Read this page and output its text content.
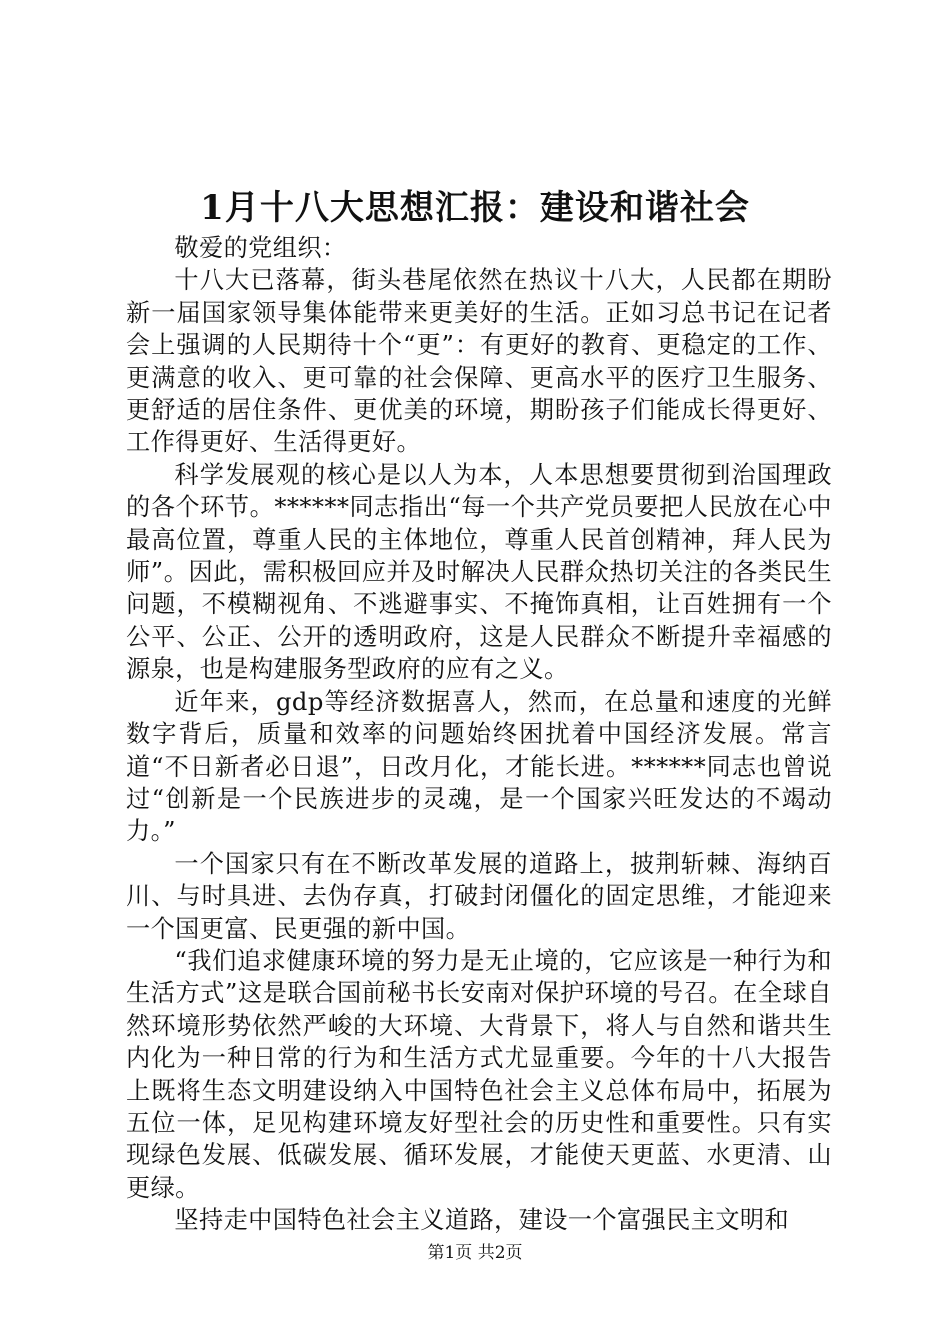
1月十八大思想汇报：建设和谐社会

敬爱的党组织：

十八大已落幕，街头巷尾依然在热议十八大，人民都在期盼新一届国家领导集体能带来更美好的生活。正如习总书记在记者会上强调的人民期待十个“更”：有更好的教育、更稳定的工作、更满意的收入、更可靠的社会保障、更高水平的医疗卫生服务、更舒适的居住条件、更优美的环境，期盼孩子们能成长得更好、工作得更好、生活得更好。

科学发展观的核心是以人为本，人本思想要贯彻到治国理政的各个环节。******同志指出“每一个共产党员要把人民放在心中最高位置，尊重人民的主体地位，尊重人民首创精神，拜人民为师”。因此，需积极回应并及时解决人民群众热切关注的各类民生问题，不模糊视角、不逃避事实、不掩饰真相，让百姓拥有一个公平、公正、公开的透明政府，这是人民群众不断提升幸福感的源泉，也是构建服务型政府的应有之义。

近年来，gdp等经济数据喜人，然而，在总量和速度的光鲜数字背后，质量和效率的问题始终困扰着中国经济发展。常言道“不日新者必日退”，日改月化，才能长进。******同志也曾说过“创新是一个民族进步的灵魂，是一个国家兴旺发达的不竭动力。”

一个国家只有在不断改革发展的道路上，披荆斩棘、海纳百川、与时具进、去伪存真，打破封闭僵化的固定思维，才能迎来一个国更富、民更强的新中国。

“我们追求健康环境的努力是无止境的，它应该是一种行为和生活方式”这是联合国前秘书长安南对保护环境的号召。在全球自然环境形势依然严峻的大环境、大背景下，将人与自然和谐共生内化为一种日常的行为和生活方式尤显重要。今年的十八大报告上既将生态文明建设纳入中国特色社会主义总体布局中，拓展为五位一体，足见构建环境友好型社会的历史性和重要性。只有实现绿色发展、低碳发展、循环发展，才能使天更蓝、水更清、山更绿。

坚持走中国特色社会主义道路，建设一个富强民主文明和

第1页 共2页
